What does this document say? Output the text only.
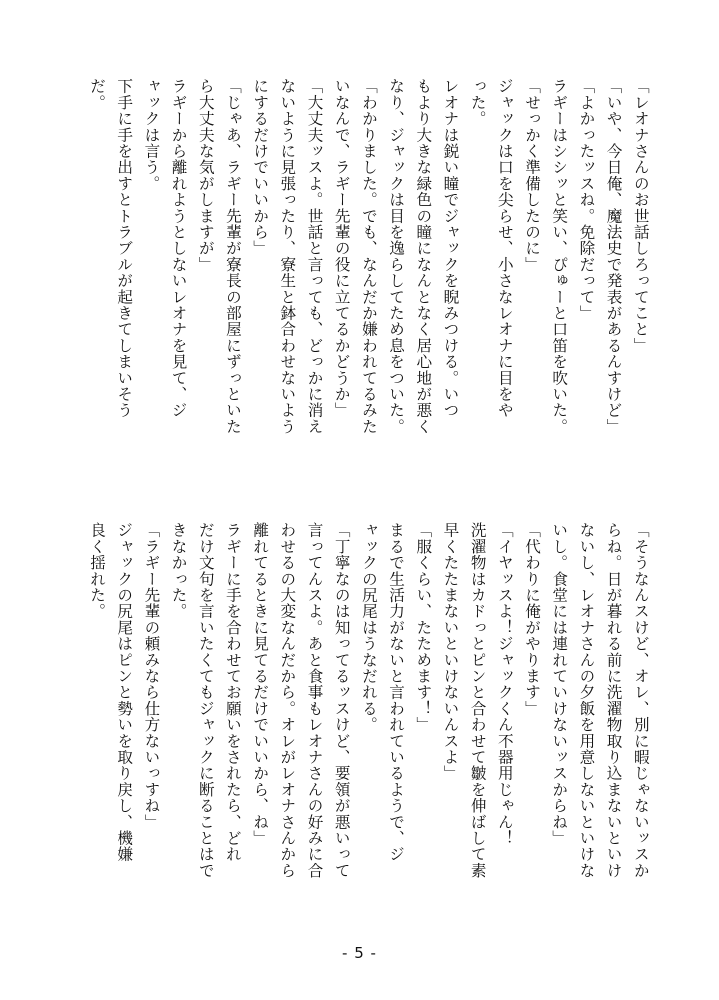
「レオナさんのお世話しろってこと」
「いや、今日俺、魔法史で発表があるんすけど」
「よかったッスね。免除だって」
ラギーはシシッと笑い、ぴゅーと口笛を吹いた。
「せっかく準備したのに」
ジャックは口を尖らせ、小さなレオナに目をや
った。
レオナは鋭い瞳でジャックを睨みつける。いつ
もより大きな緑色の瞳になんとなく居心地が悪く
なり、ジャックは目を逸らしてため息をついた。
「わかりました。でも、なんだか嫌われてるみた
いなんで、ラギー先輩の役に立てるかどうか」
「大丈夫ッスよ。世話と言っても、どっかに消え
ないように見張ったり、寮生と鉢合わせないよう
にするだけでいいから」
「じゃあ、ラギー先輩が寮長の部屋にずっといた
ら大丈夫な気がしますが」
ラギーから離れようとしないレオナを見て、ジ
ャックは言う。
下手に手を出すとトラブルが起きてしまいそう
だ。
「そうなんスけど、オレ、別に暇じゃないッスか
らね。日が暮れる前に洗濯物取り込まないといけ
ないし、レオナさんの夕飯を用意しないといけな
いし。食堂には連れていけないッスからね」
「代わりに俺がやります」
「イヤッスよ！ジャックくん不器用じゃん！
洗濯物はカドっとピンと合わせて皺を伸ばして素
早くたたまないといけないんスよ」
「服くらい、たためます！」
まるで生活力がないと言われているようで、ジ
ャックの尻尾はうなだれる。
「丁寧なのは知ってるッスけど、要領が悪いって
言ってんスよ。あと食事もレオナさんの好みに合
わせるの大変なんだから。オレがレオナさんから
離れてるときに見てるだけでいいから、ね」
ラギーに手を合わせてお願いをされたら、どれ
だけ文句を言いたくてもジャックに断ることはで
きなかった。
「ラギー先輩の頼みなら仕方ないっすね」
ジャックの尻尾はピンと勢いを取り戻し、機嫌
良く揺れた。
- 5 -
